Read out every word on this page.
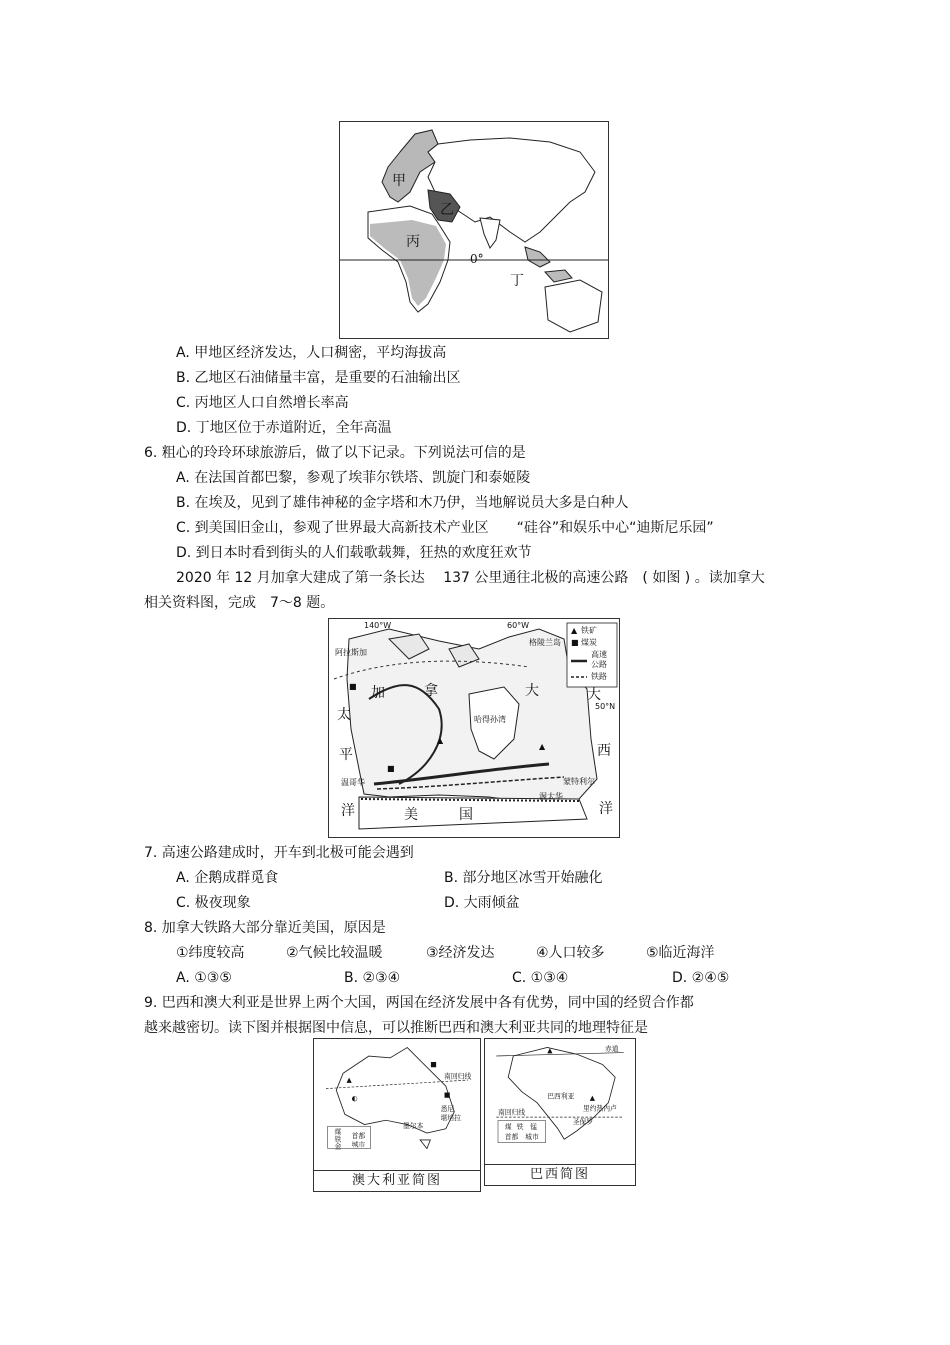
甲
乙
丙
0°
丁
A. 甲地区经济发达，人口稠密，平均海拔高
B. 乙地区石油储量丰富，是重要的石油输出区
C. 丙地区人口自然增长率高
D. 丁地区位于赤道附近，全年高温
6. 粗心的玲玲环球旅游后，做了以下记录。下列说法可信的是
A. 在法国首都巴黎，参观了埃菲尔铁塔、凯旋门和泰姬陵
B. 在埃及，见到了雄伟神秘的金字塔和木乃伊，当地解说员大多是白种人
C. 到美国旧金山，参观了世界最大高新技术产业区　　“硅谷”和娱乐中心“迪斯尼乐园”
D. 到日本时看到街头的人们载歌载舞，狂热的欢度狂欢节
2020 年 12 月加拿大建成了第一条长达　 137 公里通往北极的高速公路　( 如图 ) 。读加拿大
相关资料图，完成　7～8 题。
▲ 铁矿
■ 煤炭
高速
公路
铁路
140°W	60°W
50°N
阿拉斯加
格陵兰岛
加	拿	大
哈得孙湾
太
平
洋
温哥华
美	国
大
西
洋
蒙特利尔
渥太华
▲
▲
■
■
7. 高速公路建成时，开车到北极可能会遇到
A. 企鹅成群觅食	B. 部分地区冰雪开始融化
C. 极夜现象	D. 大雨倾盆
8. 加拿大铁路大部分靠近美国，原因是
①纬度较高	②气候比较温暖	③经济发达	④人口较多	⑤临近海洋
A. ①③⑤	B. ②③④	C. ①③④	D. ②④⑤
9. 巴西和澳大利亚是世界上两个大国，两国在经济发展中各有优势，同中国的经贸合作都
越来越密切。读下图并根据图中信息，可以推断巴西和澳大利亚共同的地理特征是
南回归线
▲
■
■
◐
悉尼
堪培拉
墨尔本
煤
铁
金
首都
城市
澳大利亚简图
赤道
南回归线
巴西利亚
里约热内卢
圣保罗
▲
▲
煤 铁 锰
首都 城市
巴西简图
